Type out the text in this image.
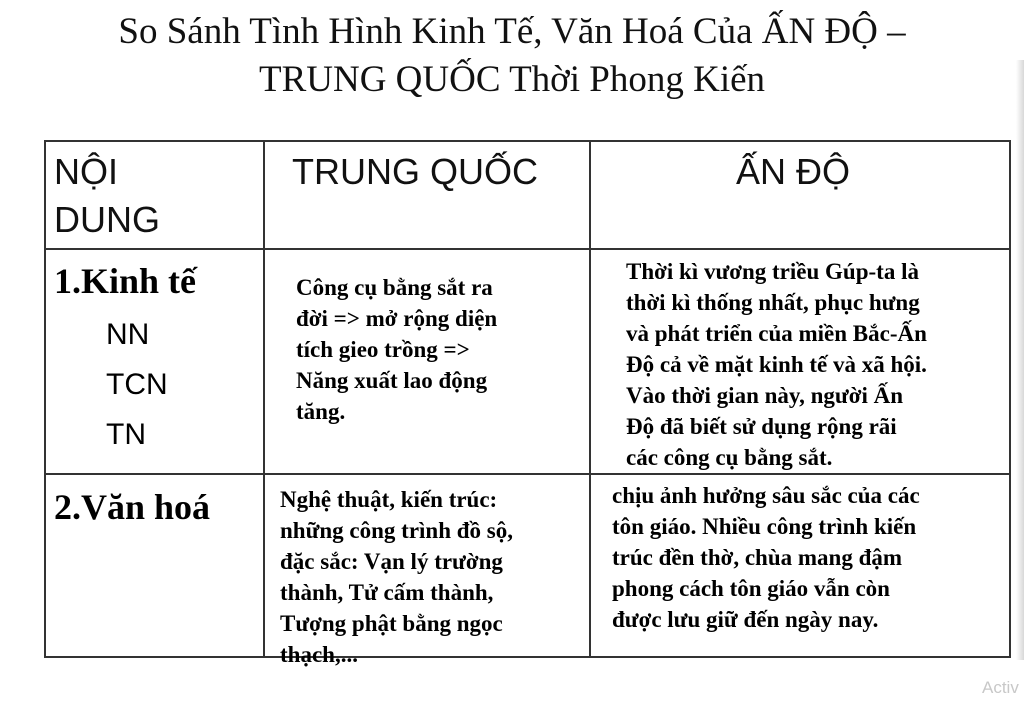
So Sánh Tình Hình Kinh Tế, Văn Hoá Của ẤN ĐỘ –
TRUNG QUỐC Thời Phong Kiến
NỘI
DUNG
TRUNG QUỐC	ẤN ĐỘ
1.Kinh tế
NN
TCN
TN
Công cụ bằng sắt ra
đời => mở rộng diện
tích gieo trồng =>
Năng xuất lao động
tăng.
Thời kì vương triều Gúp-ta là
thời kì thống nhất, phục hưng
và phát triển của miền Bắc-Ấn
Độ cả về mặt kinh tế và xã hội.
Vào thời gian này, người Ấn
Độ đã biết sử dụng rộng rãi
các công cụ bằng sắt.
2.Văn hoá	Nghệ thuật, kiến trúc:
những công trình đồ sộ,
đặc sắc: Vạn lý trường
thành, Tử cấm thành,
Tượng phật bằng ngọc
thạch,...
chịu ảnh hưởng sâu sắc của các
tôn giáo. Nhiều công trình kiến
trúc đền thờ, chùa mang đậm
phong cách tôn giáo vẫn còn
được lưu giữ đến ngày nay.
Activ
